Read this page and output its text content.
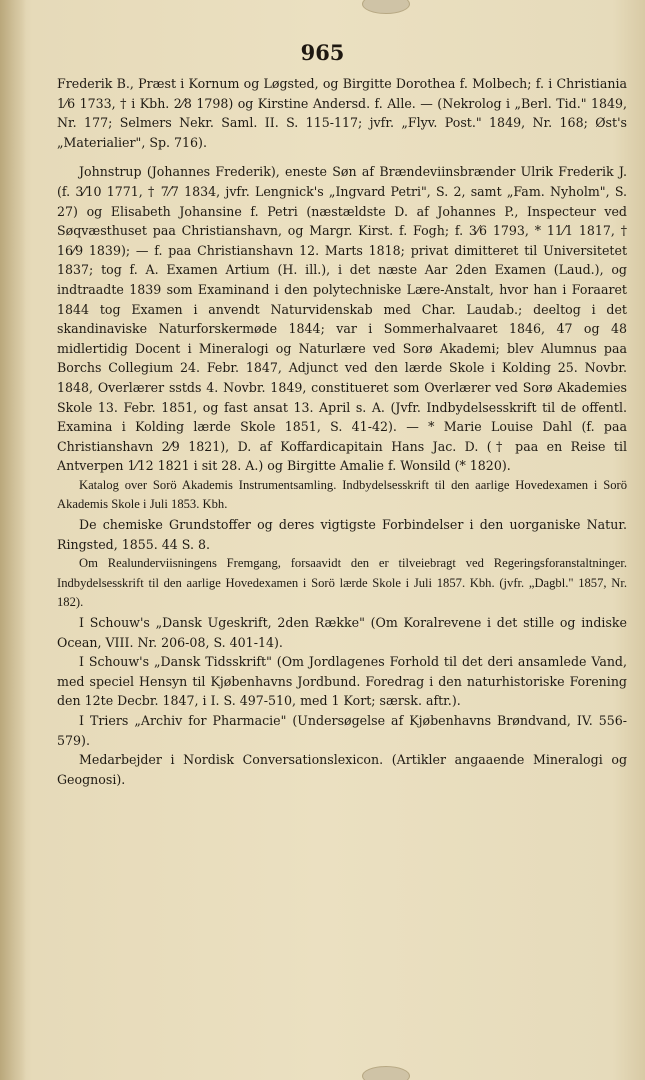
965

Frederik B., Præst i Kornum og Løgsted, og Birgitte Dorothea f. Molbech; f. i Christiania 1⁄6 1733, † i Kbh. 2⁄8 1798) og Kirstine Andersd. f. Alle. — (Nekrolog i „Berl. Tid." 1849, Nr. 177; Selmers Nekr. Saml. II. S. 115-117; jvfr. „Flyv. Post." 1849, Nr. 168; Øst's „Materialier", Sp. 716).

Johnstrup (Johannes Frederik), eneste Søn af Brændeviinsbrænder Ulrik Frederik J. (f. 3⁄10 1771, † 7⁄7 1834, jvfr. Lengnick's „Ingvard Petri", S. 2, samt „Fam. Nyholm", S. 27) og Elisabeth Johansine f. Petri (næstældste D. af Johannes P., Inspecteur ved Søqvæsthuset paa Christianshavn, og Margr. Kirst. f. Fogh; f. 3⁄6 1793, * 11⁄1 1817, † 16⁄9 1839); — f. paa Christianshavn 12. Marts 1818; privat dimitteret til Universitetet 1837; tog f. A. Examen Artium (H. ill.), i det næste Aar 2den Examen (Laud.), og indtraadte 1839 som Examinand i den polytechniske Lære-Anstalt, hvor han i Foraaret 1844 tog Examen i anvendt Naturvidenskab med Char. Laudab.; deeltog i det skandinaviske Naturforskermøde 1844; var i Sommerhalvaaret 1846, 47 og 48 midlertidig Docent i Mineralogi og Naturlære ved Sorø Akademi; blev Alumnus paa Borchs Collegium 24. Febr. 1847, Adjunct ved den lærde Skole i Kolding 25. Novbr. 1848, Overlærer sstds 4. Novbr. 1849, constitueret som Overlærer ved Sorø Akademies Skole 13. Febr. 1851, og fast ansat 13. April s. A. (Jvfr. Indbydelsesskrift til de offentl. Examina i Kolding lærde Skole 1851, S. 41-42). — * Marie Louise Dahl (f. paa Christianshavn 2⁄9 1821), D. af Koffardicapitain Hans Jac. D. († paa en Reise til Antverpen 1⁄12 1821 i sit 28. A.) og Birgitte Amalie f. Wonsild (* 1820).

Katalog over Sorö Akademis Instrumentsamling. Indbydelsesskrift til den aarlige Hovedexamen i Sorö Akademis Skole i Juli 1853. Kbh.

De chemiske Grundstoffer og deres vigtigste Forbindelser i den uorganiske Natur. Ringsted, 1855. 44 S. 8.

Om Realunderviisningens Fremgang, forsaavidt den er tilveiebragt ved Regeringsforanstaltninger. Indbydelsesskrift til den aarlige Hovedexamen i Sorö lærde Skole i Juli 1857. Kbh. (jvfr. „Dagbl." 1857, Nr. 182).

I Schouw's „Dansk Ugeskrift, 2den Række" (Om Koralrevene i det stille og indiske Ocean, VIII. Nr. 206-08, S. 401-14).

I Schouw's „Dansk Tidsskrift" (Om Jordlagenes Forhold til det deri ansamlede Vand, med speciel Hensyn til Kjøbenhavns Jordbund. Foredrag i den naturhistoriske Forening den 12te Decbr. 1847, i I. S. 497-510, med 1 Kort; særsk. aftr.).

I Triers „Archiv for Pharmacie" (Undersøgelse af Kjøbenhavns Brøndvand, IV. 556-579).

Medarbejder i Nordisk Conversationslexicon. (Artikler angaaende Mineralogi og Geognosi).
